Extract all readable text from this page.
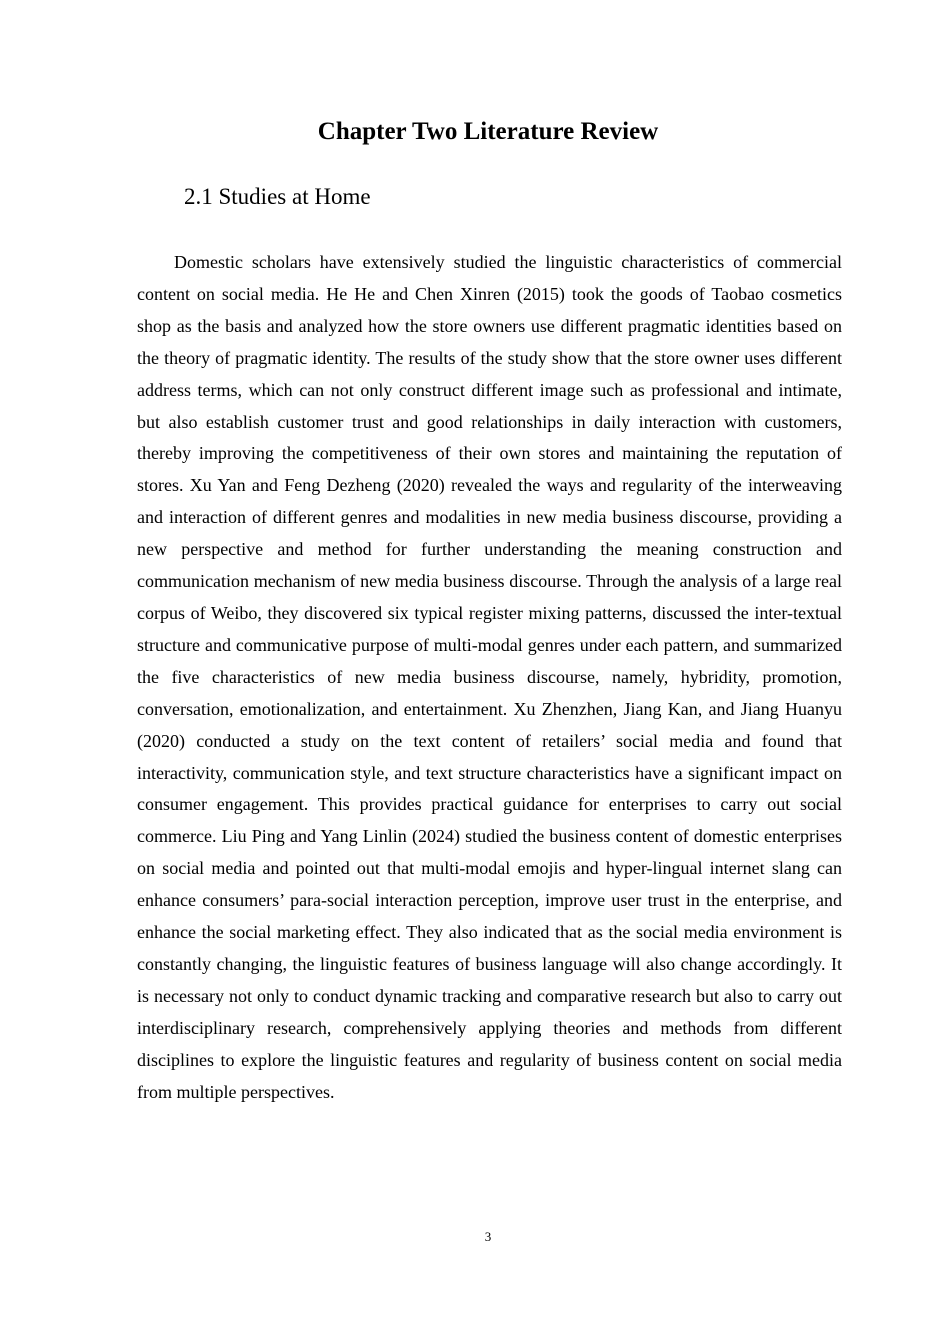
Chapter Two Literature Review
2.1 Studies at Home

Domestic scholars have extensively studied the linguistic characteristics of commercial content on social media. He He and Chen Xinren (2015) took the goods of Taobao cosmetics shop as the basis and analyzed how the store owners use different pragmatic identities based on the theory of pragmatic identity. The results of the study show that the store owner uses different address terms, which can not only construct different image such as professional and intimate, but also establish customer trust and good relationships in daily interaction with customers, thereby improving the competitiveness of their own stores and maintaining the reputation of stores. Xu Yan and Feng Dezheng (2020) revealed the ways and regularity of the interweaving and interaction of different genres and modalities in new media business discourse, providing a new perspective and method for further understanding the meaning construction and communication mechanism of new media business discourse. Through the analysis of a large real corpus of Weibo, they discovered six typical register mixing patterns, discussed the inter-textual structure and communicative purpose of multi-modal genres under each pattern, and summarized the five characteristics of new media business discourse, namely, hybridity, promotion, conversation, emotionalization, and entertainment. Xu Zhenzhen, Jiang Kan, and Jiang Huanyu (2020) conducted a study on the text content of retailers’ social media and found that interactivity, communication style, and text structure characteristics have a significant impact on consumer engagement. This provides practical guidance for enterprises to carry out social commerce. Liu Ping and Yang Linlin (2024) studied the business content of domestic enterprises on social media and pointed out that multi-modal emojis and hyper-lingual internet slang can enhance consumers’ para-social interaction perception, improve user trust in the enterprise, and enhance the social marketing effect. They also indicated that as the social media environment is constantly changing, the linguistic features of business language will also change accordingly. It is necessary not only to conduct dynamic tracking and comparative research but also to carry out interdisciplinary research, comprehensively applying theories and methods from different disciplines to explore the linguistic features and regularity of business content on social media from multiple perspectives.

3
